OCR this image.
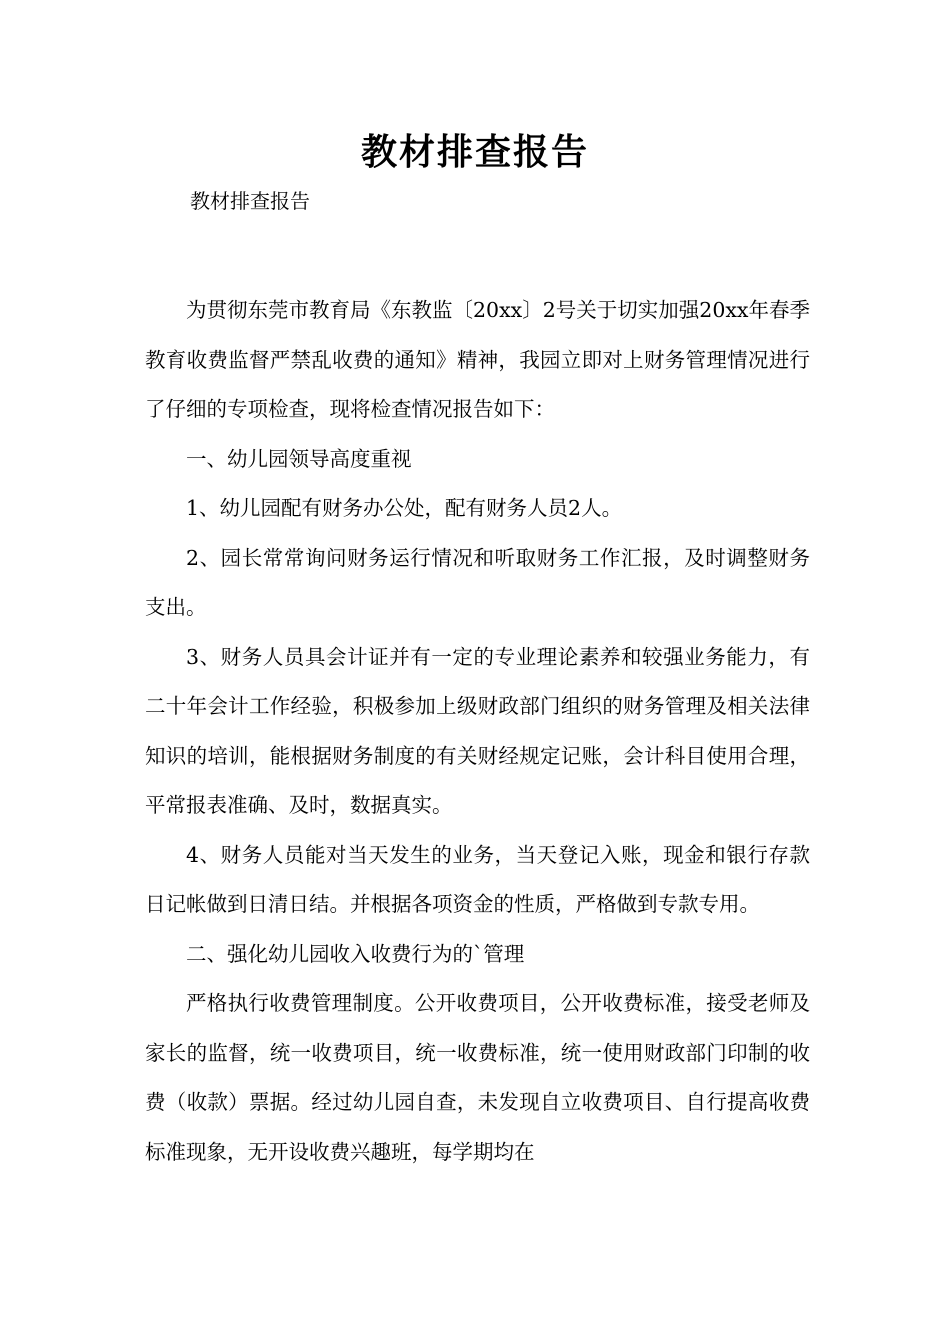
教材排查报告
教材排查报告

为贯彻东莞市教育局《东教监〔20xx〕2号关于切实加强20xx年春季教育收费监督严禁乱收费的通知》精神，我园立即对上财务管理情况进行了仔细的专项检查，现将检查情况报告如下：

一、幼儿园领导高度重视

1、幼儿园配有财务办公处，配有财务人员2人。

2、园长常常询问财务运行情况和听取财务工作汇报，及时调整财务支出。

3、财务人员具会计证并有一定的专业理论素养和较强业务能力，有二十年会计工作经验，积极参加上级财政部门组织的财务管理及相关法律知识的培训，能根据财务制度的有关财经规定记账，会计科目使用合理，平常报表准确、及时，数据真实。

4、财务人员能对当天发生的业务，当天登记入账，现金和银行存款日记帐做到日清日结。并根据各项资金的性质，严格做到专款专用。

二、强化幼儿园收入收费行为的`管理

严格执行收费管理制度。公开收费项目，公开收费标准，接受老师及家长的监督，统一收费项目，统一收费标准，统一使用财政部门印制的收费（收款）票据。经过幼儿园自查，未发现自立收费项目、自行提高收费标准现象，无开设收费兴趣班，每学期均在
